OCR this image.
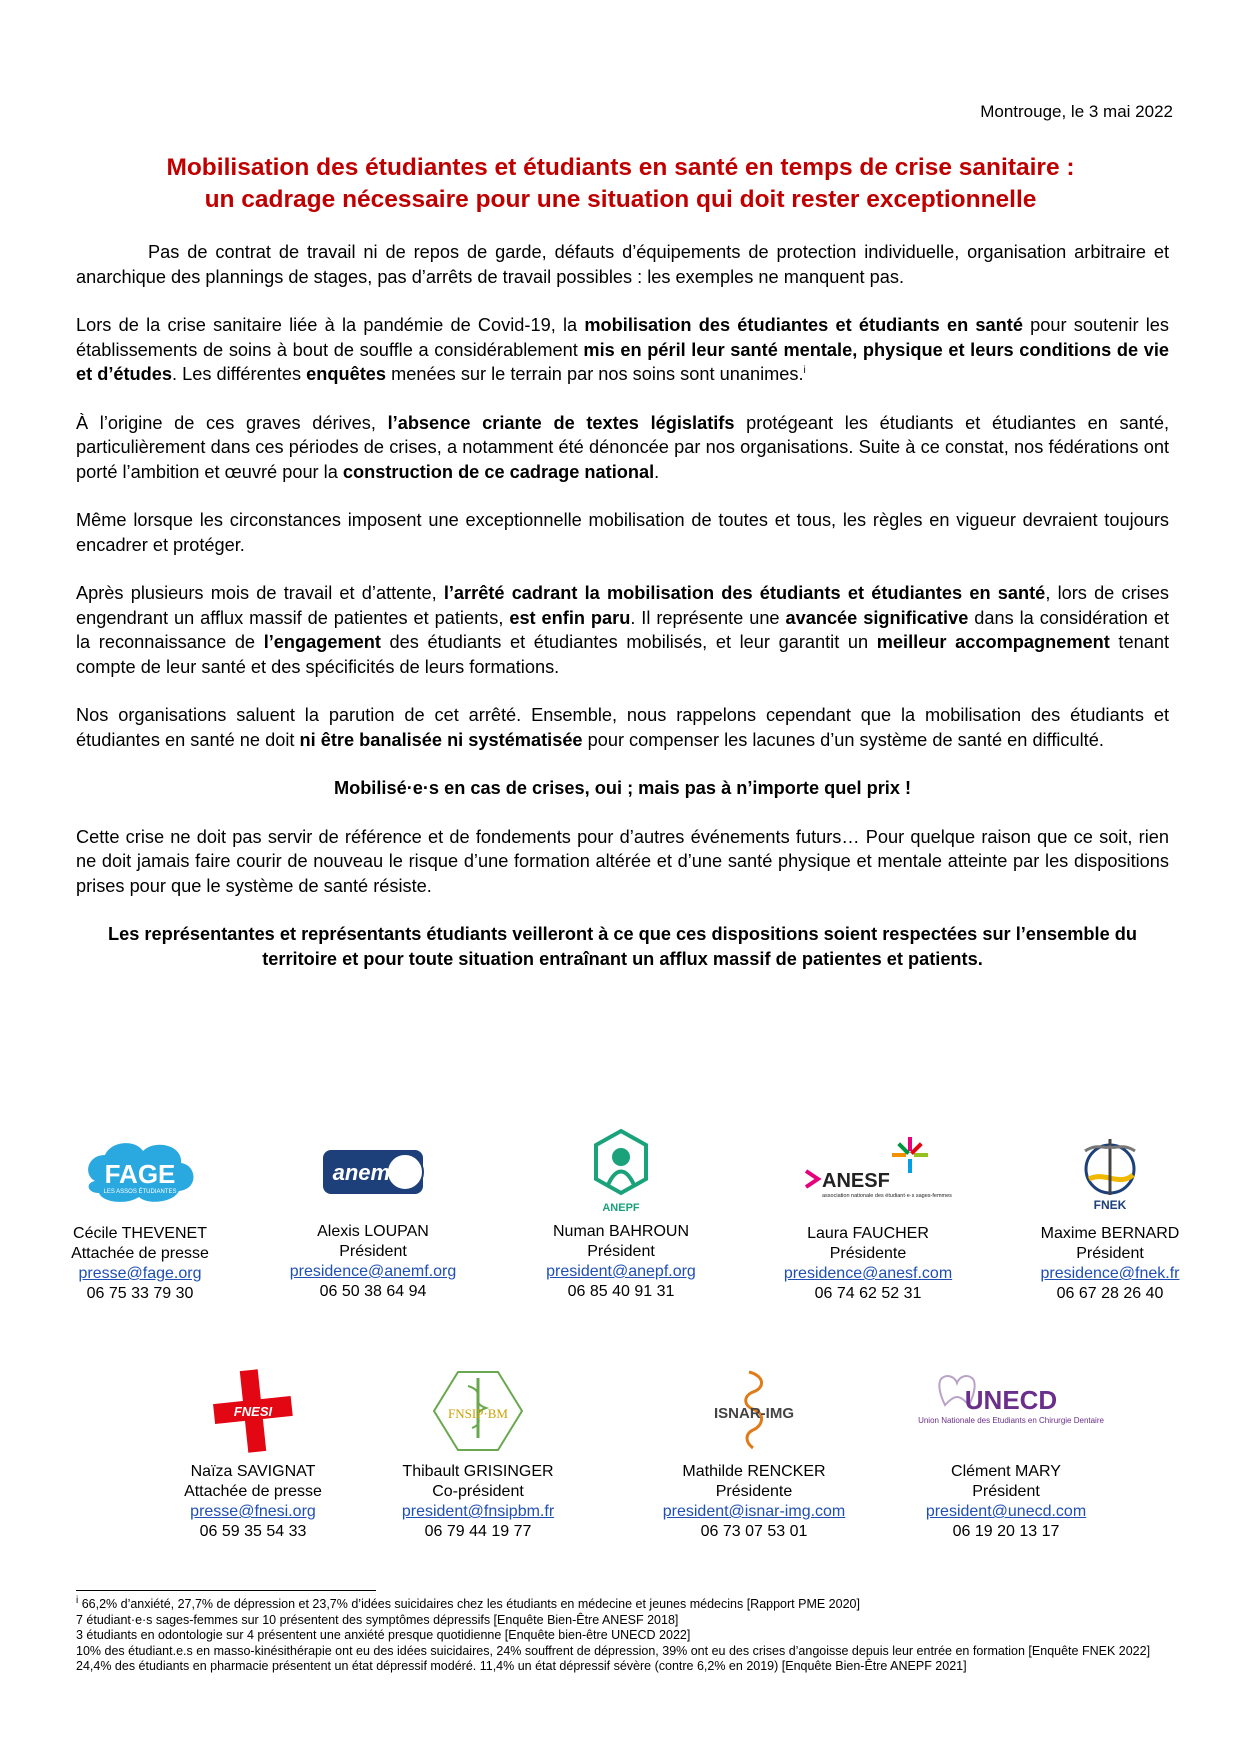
Montrouge, le 3 mai 2022
Mobilisation des étudiantes et étudiants en santé en temps de crise sanitaire :
un cadrage nécessaire pour une situation qui doit rester exceptionnelle

Pas de contrat de travail ni de repos de garde, défauts d’équipements de protection individuelle, organisation arbitraire et anarchique des plannings de stages, pas d’arrêts de travail possibles : les exemples ne manquent pas.

Lors de la crise sanitaire liée à la pandémie de Covid-19, la mobilisation des étudiantes et étudiants en santé pour soutenir les établissements de soins à bout de souffle a considérablement mis en péril leur santé mentale, physique et leurs conditions de vie et d’études. Les différentes enquêtes menées sur le terrain par nos soins sont unanimes.$^i$

À l’origine de ces graves dérives, l’absence criante de textes législatifs protégeant les étudiants et étudiantes en santé, particulièrement dans ces périodes de crises, a notamment été dénoncée par nos organisations. Suite à ce constat, nos fédérations ont porté l’ambition et œuvré pour la construction de ce cadrage national.

Même lorsque les circonstances imposent une exceptionnelle mobilisation de toutes et tous, les règles en vigueur devraient toujours encadrer et protéger.

Après plusieurs mois de travail et d’attente, l’arrêté cadrant la mobilisation des étudiants et étudiantes en santé, lors de crises engendrant un afflux massif de patientes et patients, est enfin paru. Il représente une avancée significative dans la considération et la reconnaissance de l’engagement des étudiants et étudiantes mobilisés, et leur garantit un meilleur accompagnement tenant compte de leur santé et des spécificités de leurs formations.

Nos organisations saluent la parution de cet arrêté. Ensemble, nous rappelons cependant que la mobilisation des étudiants et étudiantes en santé ne doit ni être banalisée ni systématisée pour compenser les lacunes d’un système de santé en difficulté.

Mobilisé·e·s en cas de crises, oui ; mais pas à n’importe quel prix !

Cette crise ne doit pas servir de référence et de fondements pour d’autres événements futurs… Pour quelque raison que ce soit, rien ne doit jamais faire courir de nouveau le risque d’une formation altérée et d’une santé physique et mentale atteinte par les dispositions prises pour que le système de santé résiste.

Les représentantes et représentants étudiants veilleront à ce que ces dispositions soient respectées sur l’ensemble du territoire et pour toute situation entraînant un afflux massif de patientes et patients.

FAGE
LES ASSOS ÉTUDIANTES
Cécile THEVENET
Attachée de presse
presse@fage.org
06 75 33 79 30
anemf
Alexis LOUPAN
Président
presidence@anemf.org
06 50 38 64 94
ANEPF
Numan BAHROUN
Président
president@anepf.org
06 85 40 91 31
ANESF
association nationale des étudiant·e·s sages-femmes
Laura FAUCHER
Présidente
presidence@anesf.com
06 74 62 52 31
FNEK
Maxime BERNARD
Président
presidence@fnek.fr
06 67 28 26 40
FNESI
Naïza SAVIGNAT
Attachée de presse
presse@fnesi.org
06 59 35 54 33
FNSIP·BM
Thibault GRISINGER
Co-président
president@fnsipbm.fr
06 79 44 19 77
ISNAR-IMG
Mathilde RENCKER
Présidente
president@isnar-img.com
06 73 07 53 01
UNECD
Union Nationale des Etudiants en Chirurgie Dentaire
Clément MARY
Président
president@unecd.com
06 19 20 13 17
$^i$ 66,2% d’anxiété, 27,7% de dépression et 23,7% d’idées suicidaires chez les étudiants en médecine et jeunes médecins [Rapport PME 2020]
7 étudiant·e·s sages-femmes sur 10 présentent des symptômes dépressifs [Enquête Bien-Être ANESF 2018]
3 étudiants en odontologie sur 4 présentent une anxiété presque quotidienne [Enquête bien-être UNECD 2022]
10% des étudiant.e.s en masso-kinésithérapie ont eu des idées suicidaires, 24% souffrent de dépression, 39% ont eu des crises d’angoisse depuis leur entrée en formation [Enquête FNEK 2022]
24,4% des étudiants en pharmacie présentent un état dépressif modéré. 11,4% un état dépressif sévère (contre 6,2% en 2019) [Enquête Bien-Être ANEPF 2021]
